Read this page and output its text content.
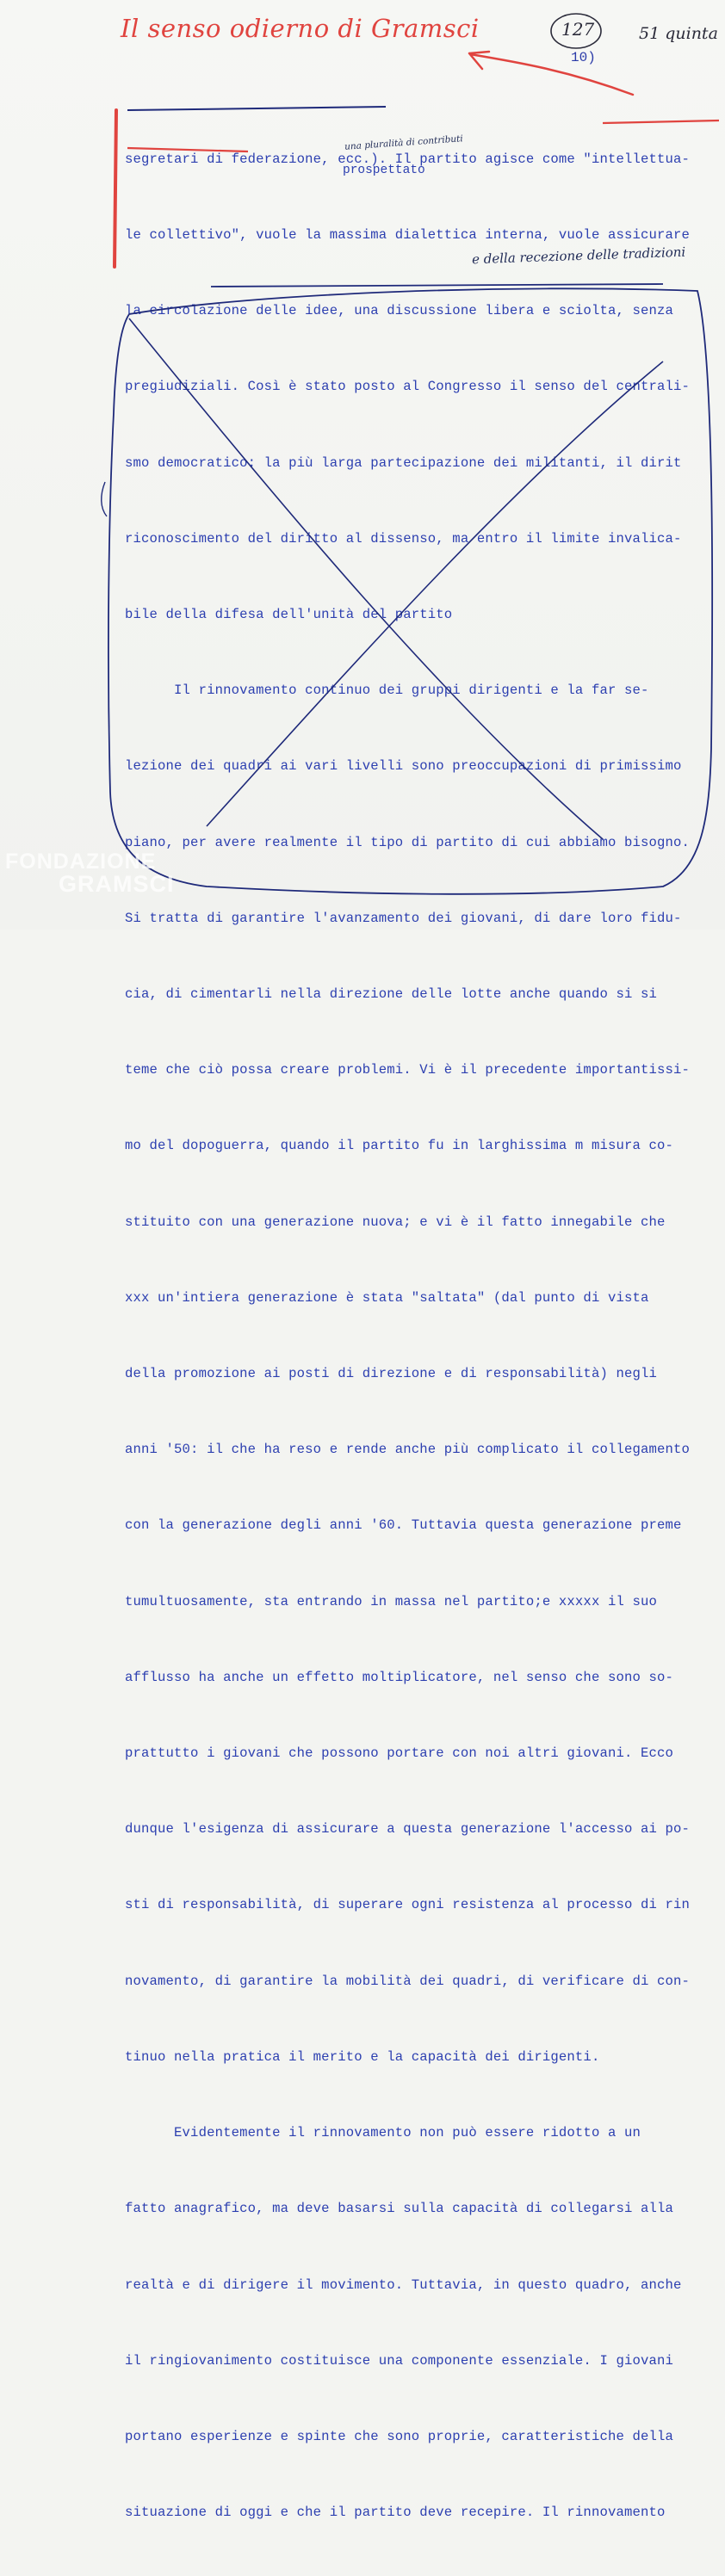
Il senso odierno di Gramsci	127	51 quinta
10)
una pluralità di contributi
prospettato
e della recezione delle tradizioni

segretari di federazione, ecc.). Il partito agisce come "intellettua-

le collettivo", vuole la massima dialettica interna, vuole assicurare

la circolazione delle idee, una discussione libera e sciolta, senza

pregiudiziali. Così è stato posto al Congresso il senso del centrali-

smo democratico: la più larga partecipazione dei militanti, il dirit

riconoscimento del diritto al dissenso, ma entro il limite invalica-

bile della difesa dell'unità del partito

Il rinnovamento continuo dei gruppi dirigenti e la far se-

lezione dei quadri ai vari livelli sono preoccupazioni di primissimo

piano, per avere realmente il tipo di partito di cui abbiamo bisogno.

Si tratta di garantire l'avanzamento dei giovani, di dare loro fidu-

cia, di cimentarli nella direzione delle lotte anche quando si si

teme che ciò possa creare problemi. Vi è il precedente importantissi-

mo del dopoguerra, quando il partito fu in larghissima m misura co-

stituito con una generazione nuova; e vi è il fatto innegabile che

xxx un'intiera generazione è stata "saltata" (dal punto di vista

della promozione ai posti di direzione e di responsabilità) negli

anni '50: il che ha reso e rende anche più complicato il collegamento

con la generazione degli anni '60. Tuttavia questa generazione preme

tumultuosamente, sta entrando in massa nel partito;e xxxxx il suo

afflusso ha anche un effetto moltiplicatore, nel senso che sono so-

prattutto i giovani che possono portare con noi altri giovani. Ecco

dunque l'esigenza di assicurare a questa generazione l'accesso ai po-

sti di responsabilità, di superare ogni resistenza al processo di rin

novamento, di garantire la mobilità dei quadri, di verificare di con-

tinuo nella pratica il merito e la capacità dei dirigenti.

Evidentemente il rinnovamento non può essere ridotto a un

fatto anagrafico, ma deve basarsi sulla capacità di collegarsi alla

realtà e di dirigere il movimento. Tuttavia, in questo quadro, anche

il ringiovanimento costituisce una componente essenziale. I giovani

portano esperienze e spinte che sono proprie, caratteristiche della

situazione di oggi e che il partito deve recepire. Il rinnovamento

FONDAZIONE
GRAMSCI
